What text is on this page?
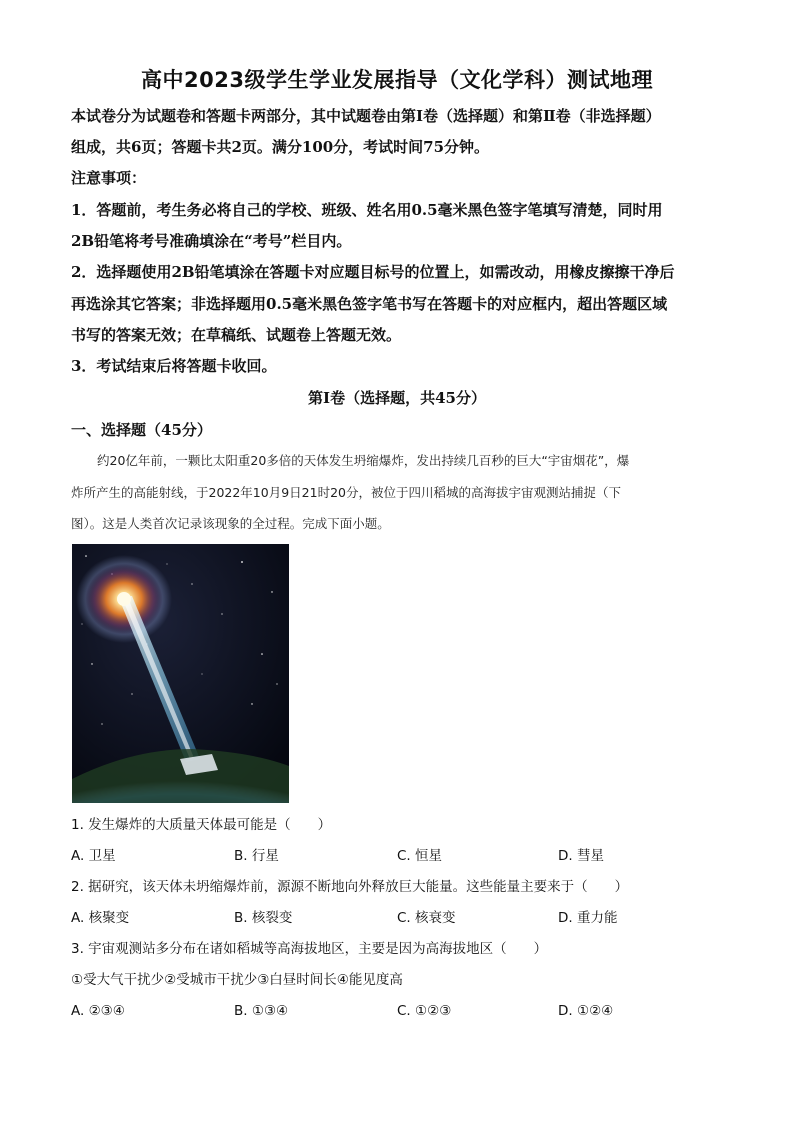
高中2023级学生学业发展指导（文化学科）测试地理
本试卷分为试题卷和答题卡两部分，其中试题卷由第Ⅰ卷（选择题）和第Ⅱ卷（非选择题）
组成，共6页；答题卡共2页。满分100分，考试时间75分钟。
注意事项：
1．答题前，考生务必将自己的学校、班级、姓名用0.5毫米黑色签字笔填写清楚，同时用
2B铅笔将考号准确填涂在“考号”栏目内。
2．选择题使用2B铅笔填涂在答题卡对应题目标号的位置上，如需改动，用橡皮擦擦干净后
再选涂其它答案；非选择题用0.5毫米黑色签字笔书写在答题卡的对应框内，超出答题区域
书写的答案无效；在草稿纸、试题卷上答题无效。
3．考试结束后将答题卡收回。
第Ⅰ卷（选择题，共45分）
一、选择题（45分）
约20亿年前，一颗比太阳重20多倍的天体发生坍缩爆炸，发出持续几百秒的巨大“宇宙烟花”，爆
炸所产生的高能射线，于2022年10月9日21时20分，被位于四川稻城的高海拔宇宙观测站捕捉（下
图）。这是人类首次记录该现象的全过程。完成下面小题。
1. 发生爆炸的大质量天体最可能是（　　）
A. 卫星	B. 行星	C. 恒星	D. 彗星
2. 据研究，该天体未坍缩爆炸前，源源不断地向外释放巨大能量。这些能量主要来于（　　）
A. 核聚变	B. 核裂变	C. 核衰变	D. 重力能
3. 宇宙观测站多分布在诸如稻城等高海拔地区，主要是因为高海拔地区（　　）
①受大气干扰少②受城市干扰少③白昼时间长④能见度高
A. ②③④	B. ①③④	C. ①②③	D. ①②④
